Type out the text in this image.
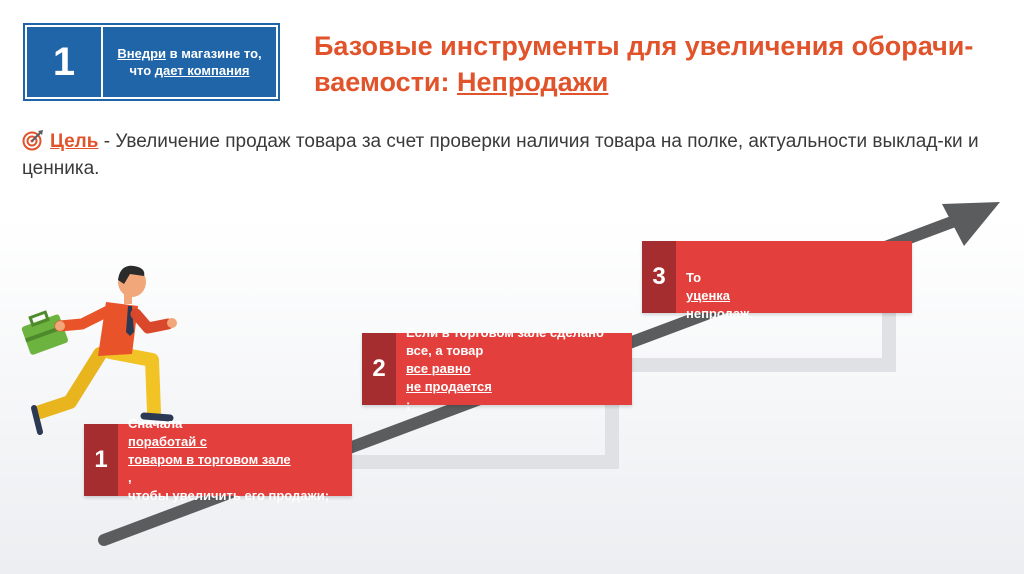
1	Внедри в магазине то,
что дает компания
Базовые инструменты для увеличения оборачи-
ваемости: Непродажи
Цель - Увеличение продаж товара за счет проверки наличия товара на полке, актуальности выклад-ки и ценника.
1
Сначала
поработай с
товаром в торговом зале
,
чтобы увеличить его продажи;
2
Если в торговом зале сделано
все, а товар
все равно
не продается
;
3	То
уценка
непродаж.
